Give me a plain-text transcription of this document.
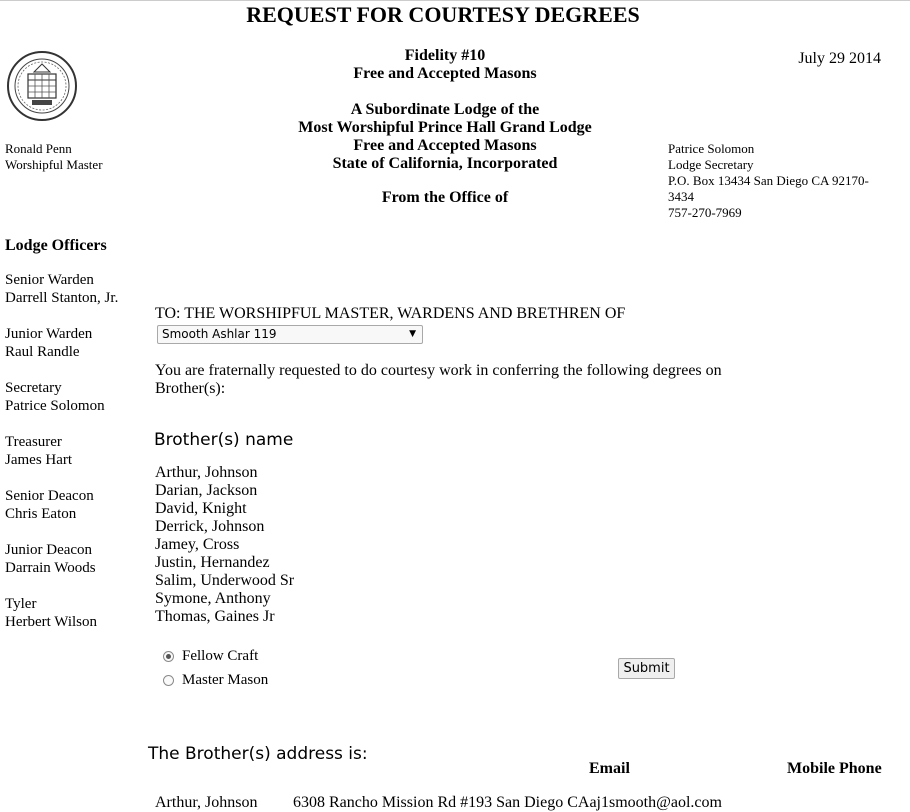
REQUEST FOR COURTESY DEGREES
July 29 2014
Fidelity #10
Free and Accepted Masons
A Subordinate Lodge of the
Most Worshipful Prince Hall Grand Lodge
Free and Accepted Masons
State of California, Incorporated
From the Office of
Ronald Penn
Worshipful Master
Patrice Solomon
Lodge Secretary
P.O. Box 13434 San Diego CA 92170-3434
757-270-7969
Lodge Officers
Senior Warden
Darrell Stanton, Jr.
Junior Warden
Raul Randle
Secretary
Patrice Solomon
Treasurer
James Hart
Senior Deacon
Chris Eaton
Junior Deacon
Darrain Woods
Tyler
Herbert Wilson
TO: THE WORSHIPFUL MASTER, WARDENS AND BRETHREN OF
Smooth Ashlar 119	▼
You are fraternally requested to do courtesy work in conferring the following degrees on Brother(s):
Brother(s) name
Arthur, Johnson
Darian, Jackson
David, Knight
Derrick, Johnson
Jamey, Cross
Justin, Hernandez
Salim, Underwood Sr
Symone, Anthony
Thomas, Gaines Jr
Fellow Craft
Master Mason
Submit
The Brother(s) address is:
Email	Mobile Phone
Arthur, Johnson 6308 Rancho Mission Rd #193 San Diego CAaj1smooth@aol.com
